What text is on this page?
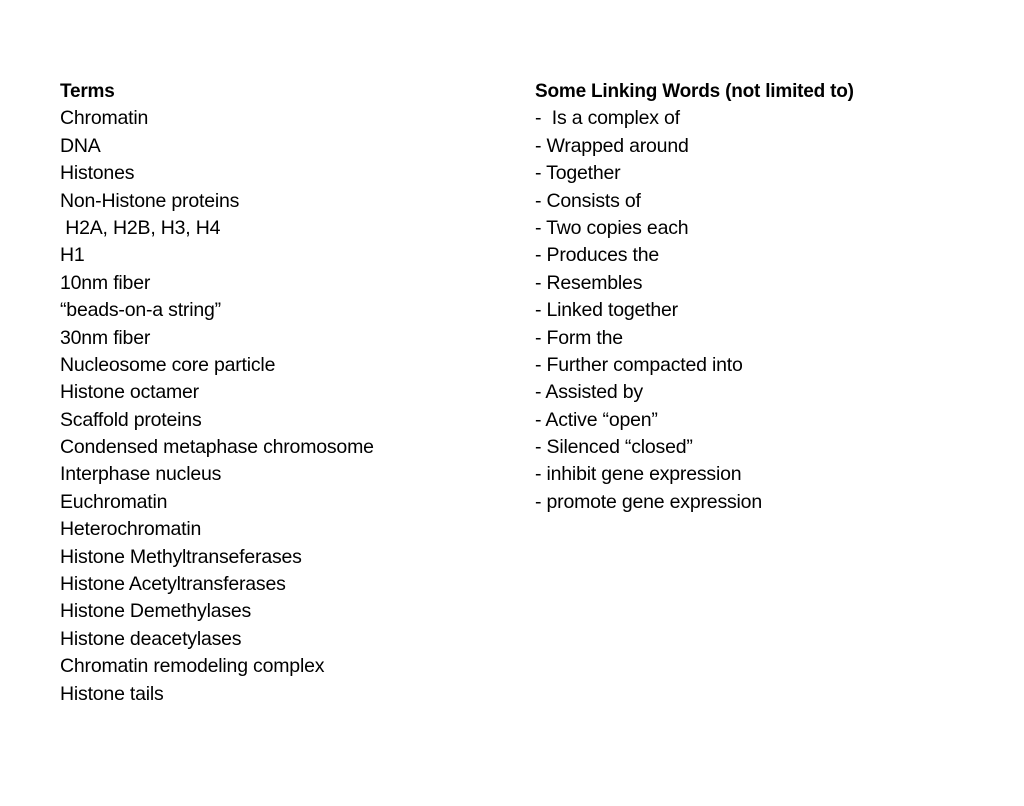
Terms
Chromatin
DNA
Histones
Non-Histone proteins
H2A, H2B, H3, H4
H1
10nm fiber
“beads-on-a string”
30nm fiber
Nucleosome core particle
Histone octamer
Scaffold proteins
Condensed metaphase chromosome
Interphase nucleus
Euchromatin
Heterochromatin
Histone Methyltranseferases
Histone Acetyltransferases
Histone Demethylases
Histone deacetylases
Chromatin remodeling complex
Histone tails
Some Linking Words (not limited to)
-  Is a complex of
- Wrapped around
- Together
- Consists of
- Two copies each
- Produces the
- Resembles
- Linked together
- Form the
- Further compacted into
- Assisted by
- Active “open”
- Silenced “closed”
- inhibit gene expression
- promote gene expression
